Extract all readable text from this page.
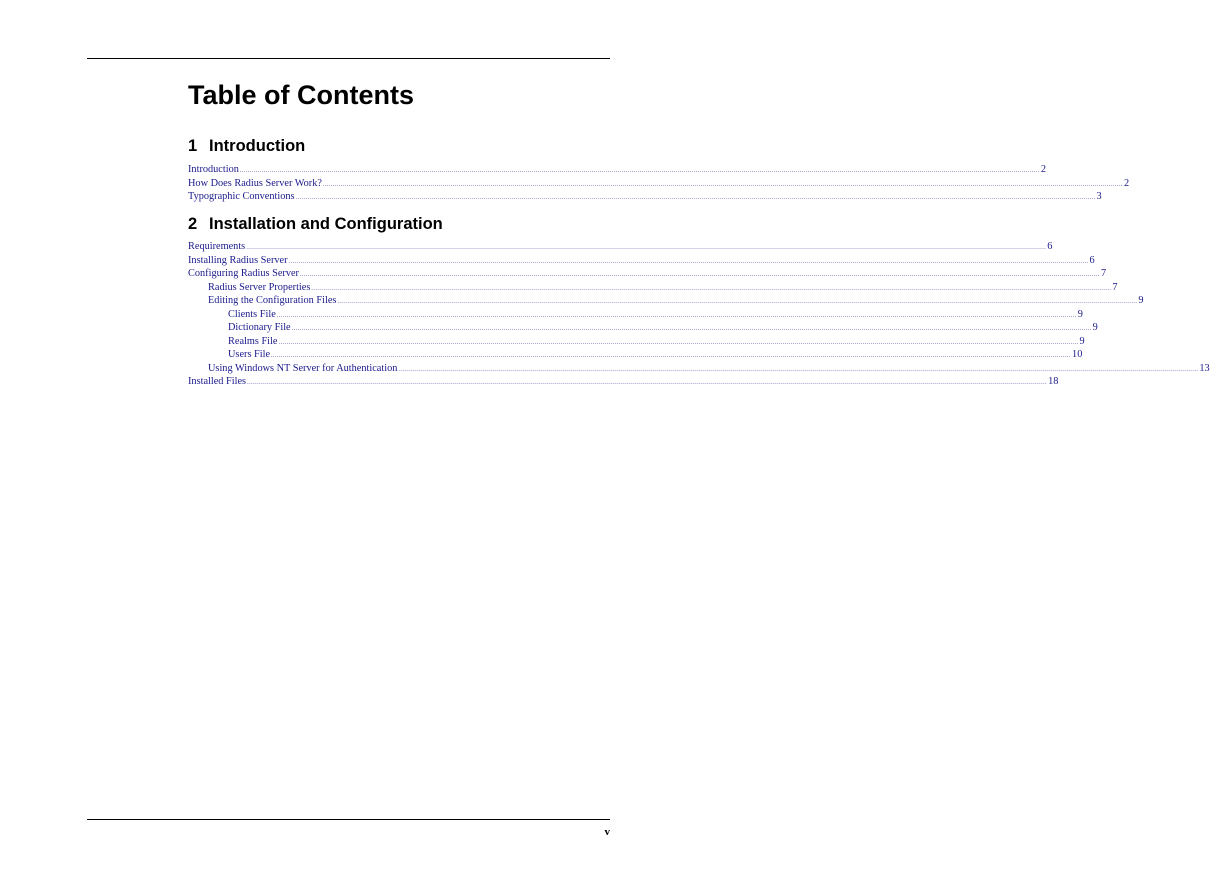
Table of Contents
1 Introduction
Introduction ................................................................................................................................................................................................................................................................................................................................................................................................................ 2
How Does Radius Server Work? ................................................................................................................................................................................................................................................................................................................................................................................................................ 2
Typographic Conventions ................................................................................................................................................................................................................................................................................................................................................................................................................ 3
2 Installation and Configuration
Requirements ................................................................................................................................................................................................................................................................................................................................................................................................................ 6
Installing Radius Server ................................................................................................................................................................................................................................................................................................................................................................................................................ 6
Configuring Radius Server ................................................................................................................................................................................................................................................................................................................................................................................................................ 7
Radius Server Properties ................................................................................................................................................................................................................................................................................................................................................................................................................ 7
Editing the Configuration Files ................................................................................................................................................................................................................................................................................................................................................................................................................ 9
Clients File ................................................................................................................................................................................................................................................................................................................................................................................................................ 9
Dictionary File ................................................................................................................................................................................................................................................................................................................................................................................................................ 9
Realms File ................................................................................................................................................................................................................................................................................................................................................................................................................ 9
Users File ................................................................................................................................................................................................................................................................................................................................................................................................................ 10
Using Windows NT Server for Authentication ................................................................................................................................................................................................................................................................................................................................................................................................................ 13
Installed Files ................................................................................................................................................................................................................................................................................................................................................................................................................ 18
v
